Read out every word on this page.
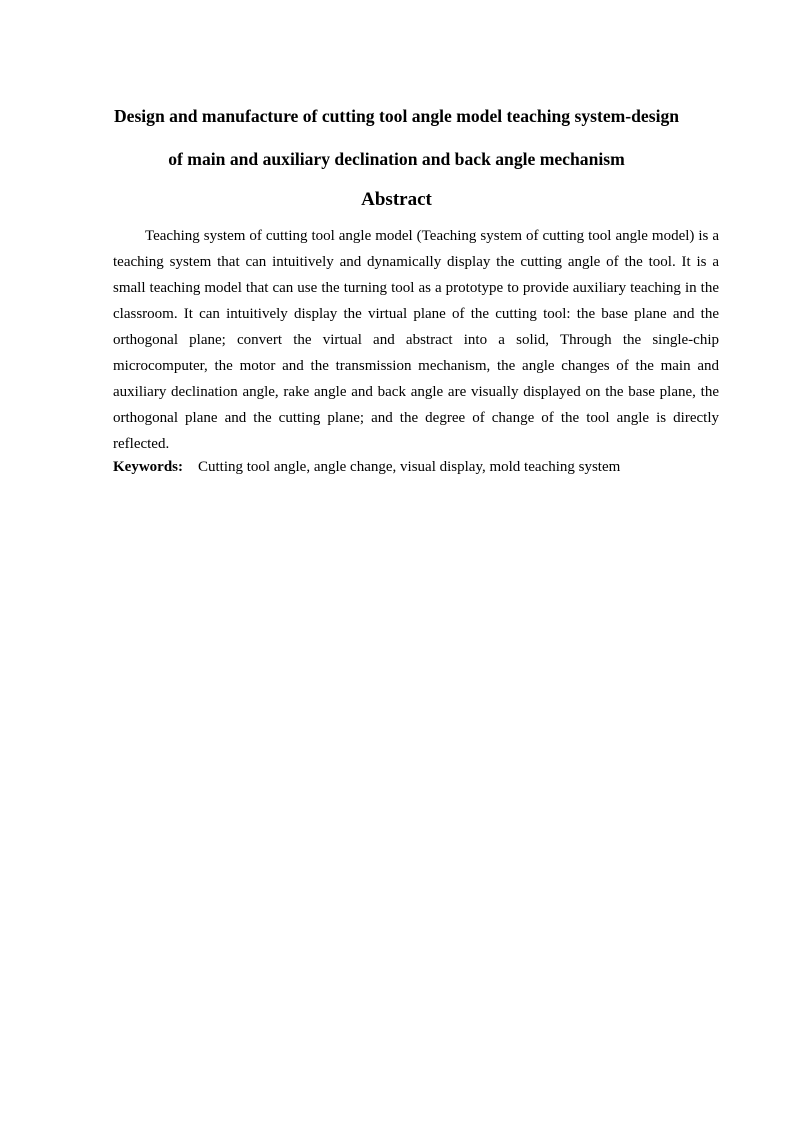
Design and manufacture of cutting tool angle model teaching system-design
of main and auxiliary declination and back angle mechanism
Abstract

Teaching system of cutting tool angle model (Teaching system of cutting tool angle model) is a teaching system that can intuitively and dynamically display the cutting angle of the tool. It is a small teaching model that can use the turning tool as a prototype to provide auxiliary teaching in the classroom. It can intuitively display the virtual plane of the cutting tool: the base plane and the orthogonal plane; convert the virtual and abstract into a solid, Through the single-chip microcomputer, the motor and the transmission mechanism, the angle changes of the main and auxiliary declination angle, rake angle and back angle are visually displayed on the base plane, the orthogonal plane and the cutting plane; and the degree of change of the tool angle is directly reflected.

Keywords: Cutting tool angle, angle change, visual display, mold teaching system
